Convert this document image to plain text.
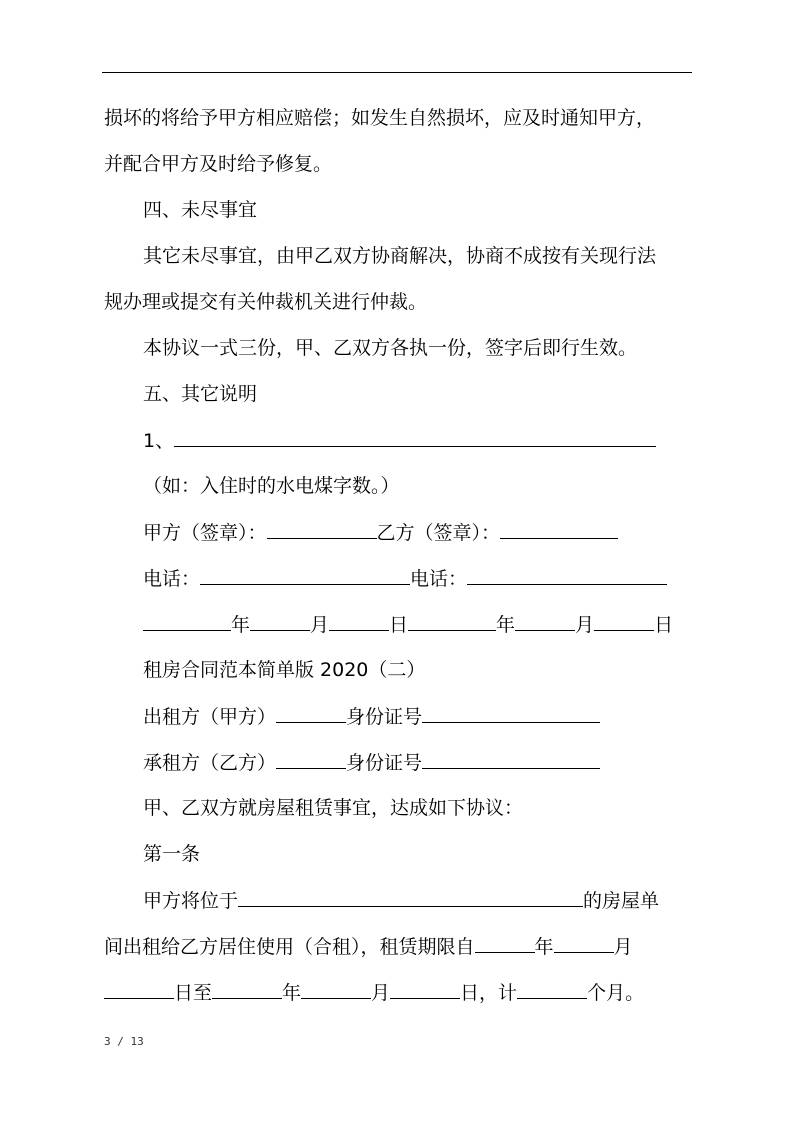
损坏的将给予甲方相应赔偿；如发生自然损坏，应及时通知甲方，
并配合甲方及时给予修复。
四、未尽事宜
其它未尽事宜，由甲乙双方协商解决，协商不成按有关现行法
规办理或提交有关仲裁机关进行仲裁。
本协议一式三份，甲、乙双方各执一份，签字后即行生效。
五、其它说明
1、
（如：入住时的水电煤字数。）
甲方（签章）：	乙方（签章）：
电话：	电话：
年	月	日	年	月	日
租房合同范本简单版 2020（二）
出租方（甲方）	身份证号
承租方（乙方）	身份证号
甲、乙双方就房屋租赁事宜，达成如下协议：
第一条
甲方将位于	的房屋单
间出租给乙方居住使用（合租），租赁期限自	年	月
日至	年	月	日，计	个月。
3 / 13
